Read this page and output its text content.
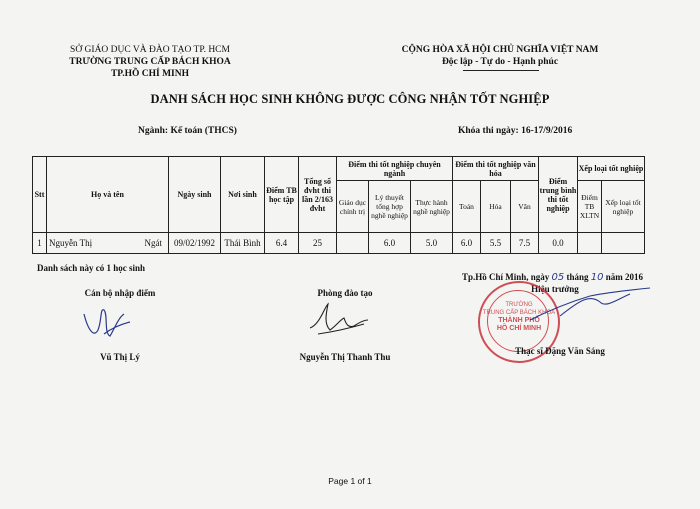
SỞ GIÁO DỤC VÀ ĐÀO TẠO TP. HCM
TRƯỜNG TRUNG CẤP BÁCH KHOA
TP.HỒ CHÍ MINH
CỘNG HÒA XÃ HỘI CHỦ NGHĨA VIỆT NAM
Độc lập - Tự do - Hạnh phúc
DANH SÁCH HỌC SINH KHÔNG ĐƯỢC CÔNG NHẬN TỐT NGHIỆP
Ngành: Kế toán (THCS)	Khóa thi ngày: 16-17/9/2016
Stt	Họ và tên	Ngày sinh	Nơi sinh	Điểm TB học tập	Tổng số đvht thi lần 2/163 đvht	Điểm thi tốt nghiệp chuyên ngành			Điểm thi tốt nghiệp văn hóa			Điểm trung bình thi tốt nghiệp	Xếp loại tốt nghiệp	
						Giáo dục chính trị	Lý thuyết tổng hợp nghề nghiệp	Thực hành nghề nghiệp	Toán	Hóa	Văn		Điểm TB XLTN	Xếp loại tốt nghiệp
1	Nguyễn Thị Ngát	09/02/1992	Thái Bình	6.4	25		6.0	5.0	6.0	5.5	7.5	0.0		
Danh sách này có 1 học sinh
Tp.Hồ Chí Minh, ngày 05 tháng 10 năm 2016
Cán bộ nhập điểm
Vũ Thị Lý
Phòng đào tạo
Nguyễn Thị Thanh Thu
Hiệu trưởng
TRƯỜNG
TRUNG CẤP BÁCH KHOA
THÀNH PHỐ
HỒ CHÍ MINH
Thạc sĩ Đặng Văn Sáng
Page 1 of 1
